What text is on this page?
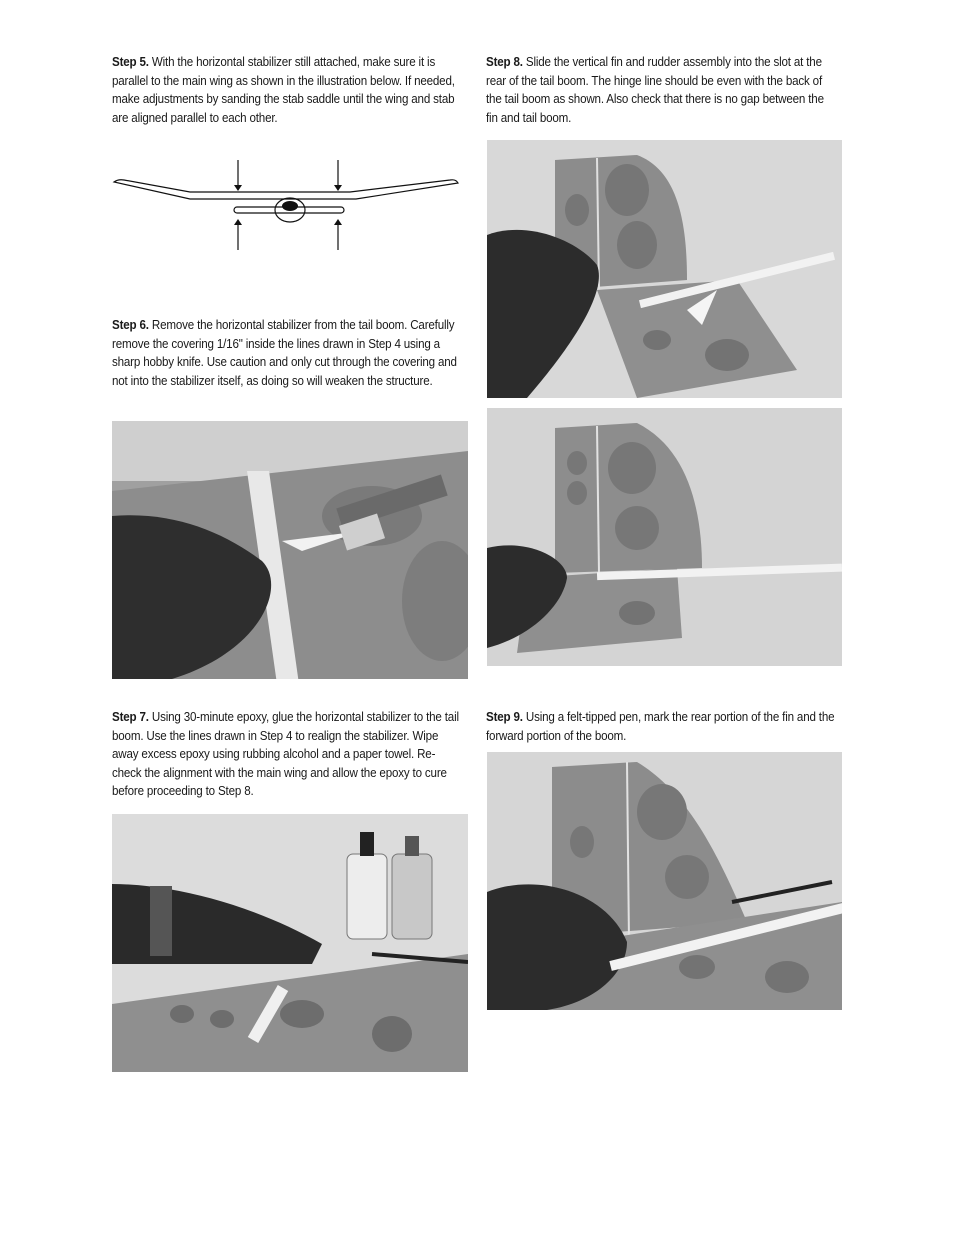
Step 5. With the horizontal stabilizer still attached, make sure it is parallel to the main wing as shown in the illustration below. If needed, make adjustments by sanding the stab saddle until the wing and stab are aligned parallel to each other.
Step 6. Remove the horizontal stabilizer from the tail boom. Carefully remove the covering 1/16" inside the lines drawn in Step 4 using a sharp hobby knife. Use caution and only cut through the covering and not into the stabilizer itself, as doing so will weaken the structure.
Step 7. Using 30-minute epoxy, glue the horizontal stabilizer to the tail boom. Use the lines drawn in Step 4 to realign the stabilizer. Wipe away excess epoxy using rubbing alcohol and a paper towel. Re-check the alignment with the main wing and allow the epoxy to cure before proceeding to Step 8.
Step 8. Slide the vertical fin and rudder assembly into the slot at the rear of the tail boom. The hinge line should be even with the back of the tail boom as shown. Also check that there is no gap between the fin and tail boom.
Step 9. Using a felt-tipped pen, mark the rear portion of the fin and the forward portion of the boom.
